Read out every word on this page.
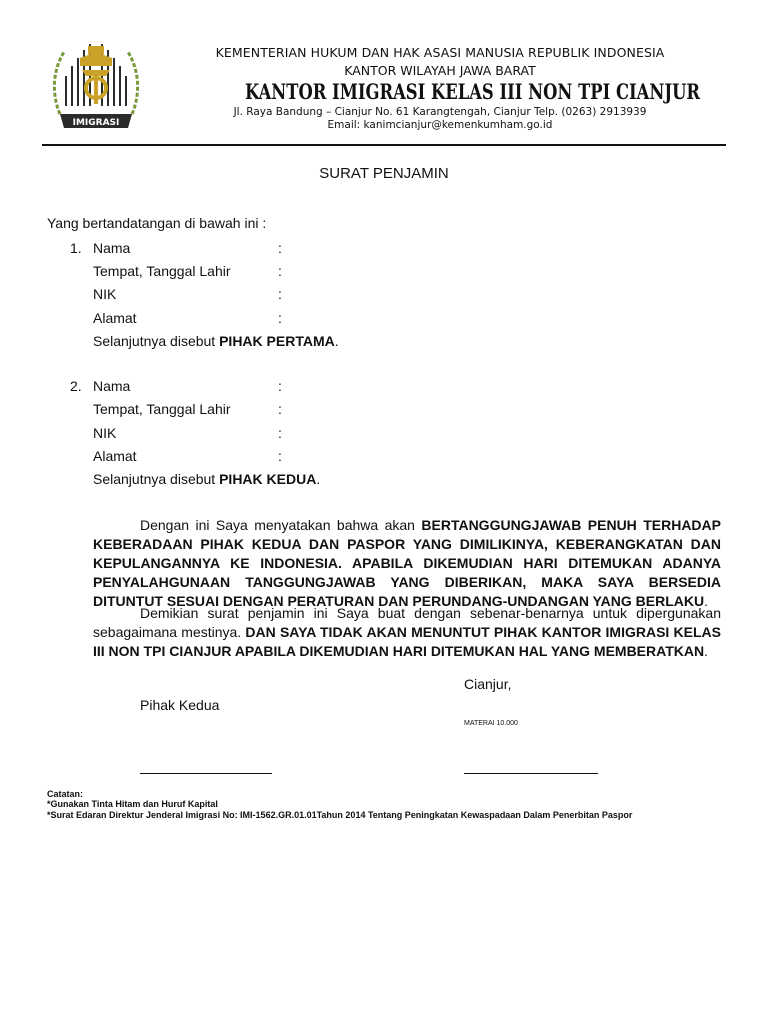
IMIGRASI
KEMENTERIAN HUKUM DAN HAK ASASI MANUSIA REPUBLIK INDONESIA
KANTOR WILAYAH JAWA BARAT
KANTOR IMIGRASI KELAS III NON TPI CIANJUR
Jl. Raya Bandung – Cianjur No. 61 Karangtengah, Cianjur Telp. (0263) 2913939
Email: kanimcianjur@kemenkumham.go.id
SURAT PENJAMIN
Yang bertandatangan di bawah ini :
1. Nama	:
Tempat, Tanggal Lahir	:
NIK	:
Alamat	:
Selanjutnya disebut PIHAK PERTAMA.
2. Nama	:
Tempat, Tanggal Lahir	:
NIK	:
Alamat	:
Selanjutnya disebut PIHAK KEDUA.
Dengan ini Saya menyatakan bahwa akan BERTANGGUNGJAWAB PENUH TERHADAP KEBERADAAN PIHAK KEDUA DAN PASPOR YANG DIMILIKINYA, KEBERANGKATAN DAN KEPULANGANNYA KE INDONESIA. APABILA DIKEMUDIAN HARI DITEMUKAN ADANYA PENYALAHGUNAAN TANGGUNGJAWAB YANG DIBERIKAN, MAKA SAYA BERSEDIA DITUNTUT SESUAI DENGAN PERATURAN DAN PERUNDANG-UNDANGAN YANG BERLAKU.
Demikian surat penjamin ini Saya buat dengan sebenar-benarnya untuk dipergunakan sebagaimana mestinya. DAN SAYA TIDAK AKAN MENUNTUT PIHAK KANTOR IMIGRASI KELAS III NON TPI CIANJUR APABILA DIKEMUDIAN HARI DITEMUKAN HAL YANG MEMBERATKAN.
Cianjur,
Pihak Kedua
MATERAI 10.000
Catatan:
*Gunakan Tinta Hitam dan Huruf Kapital
*Surat Edaran Direktur Jenderal Imigrasi No: IMI-1562.GR.01.01Tahun 2014 Tentang Peningkatan Kewaspadaan Dalam Penerbitan Paspor
